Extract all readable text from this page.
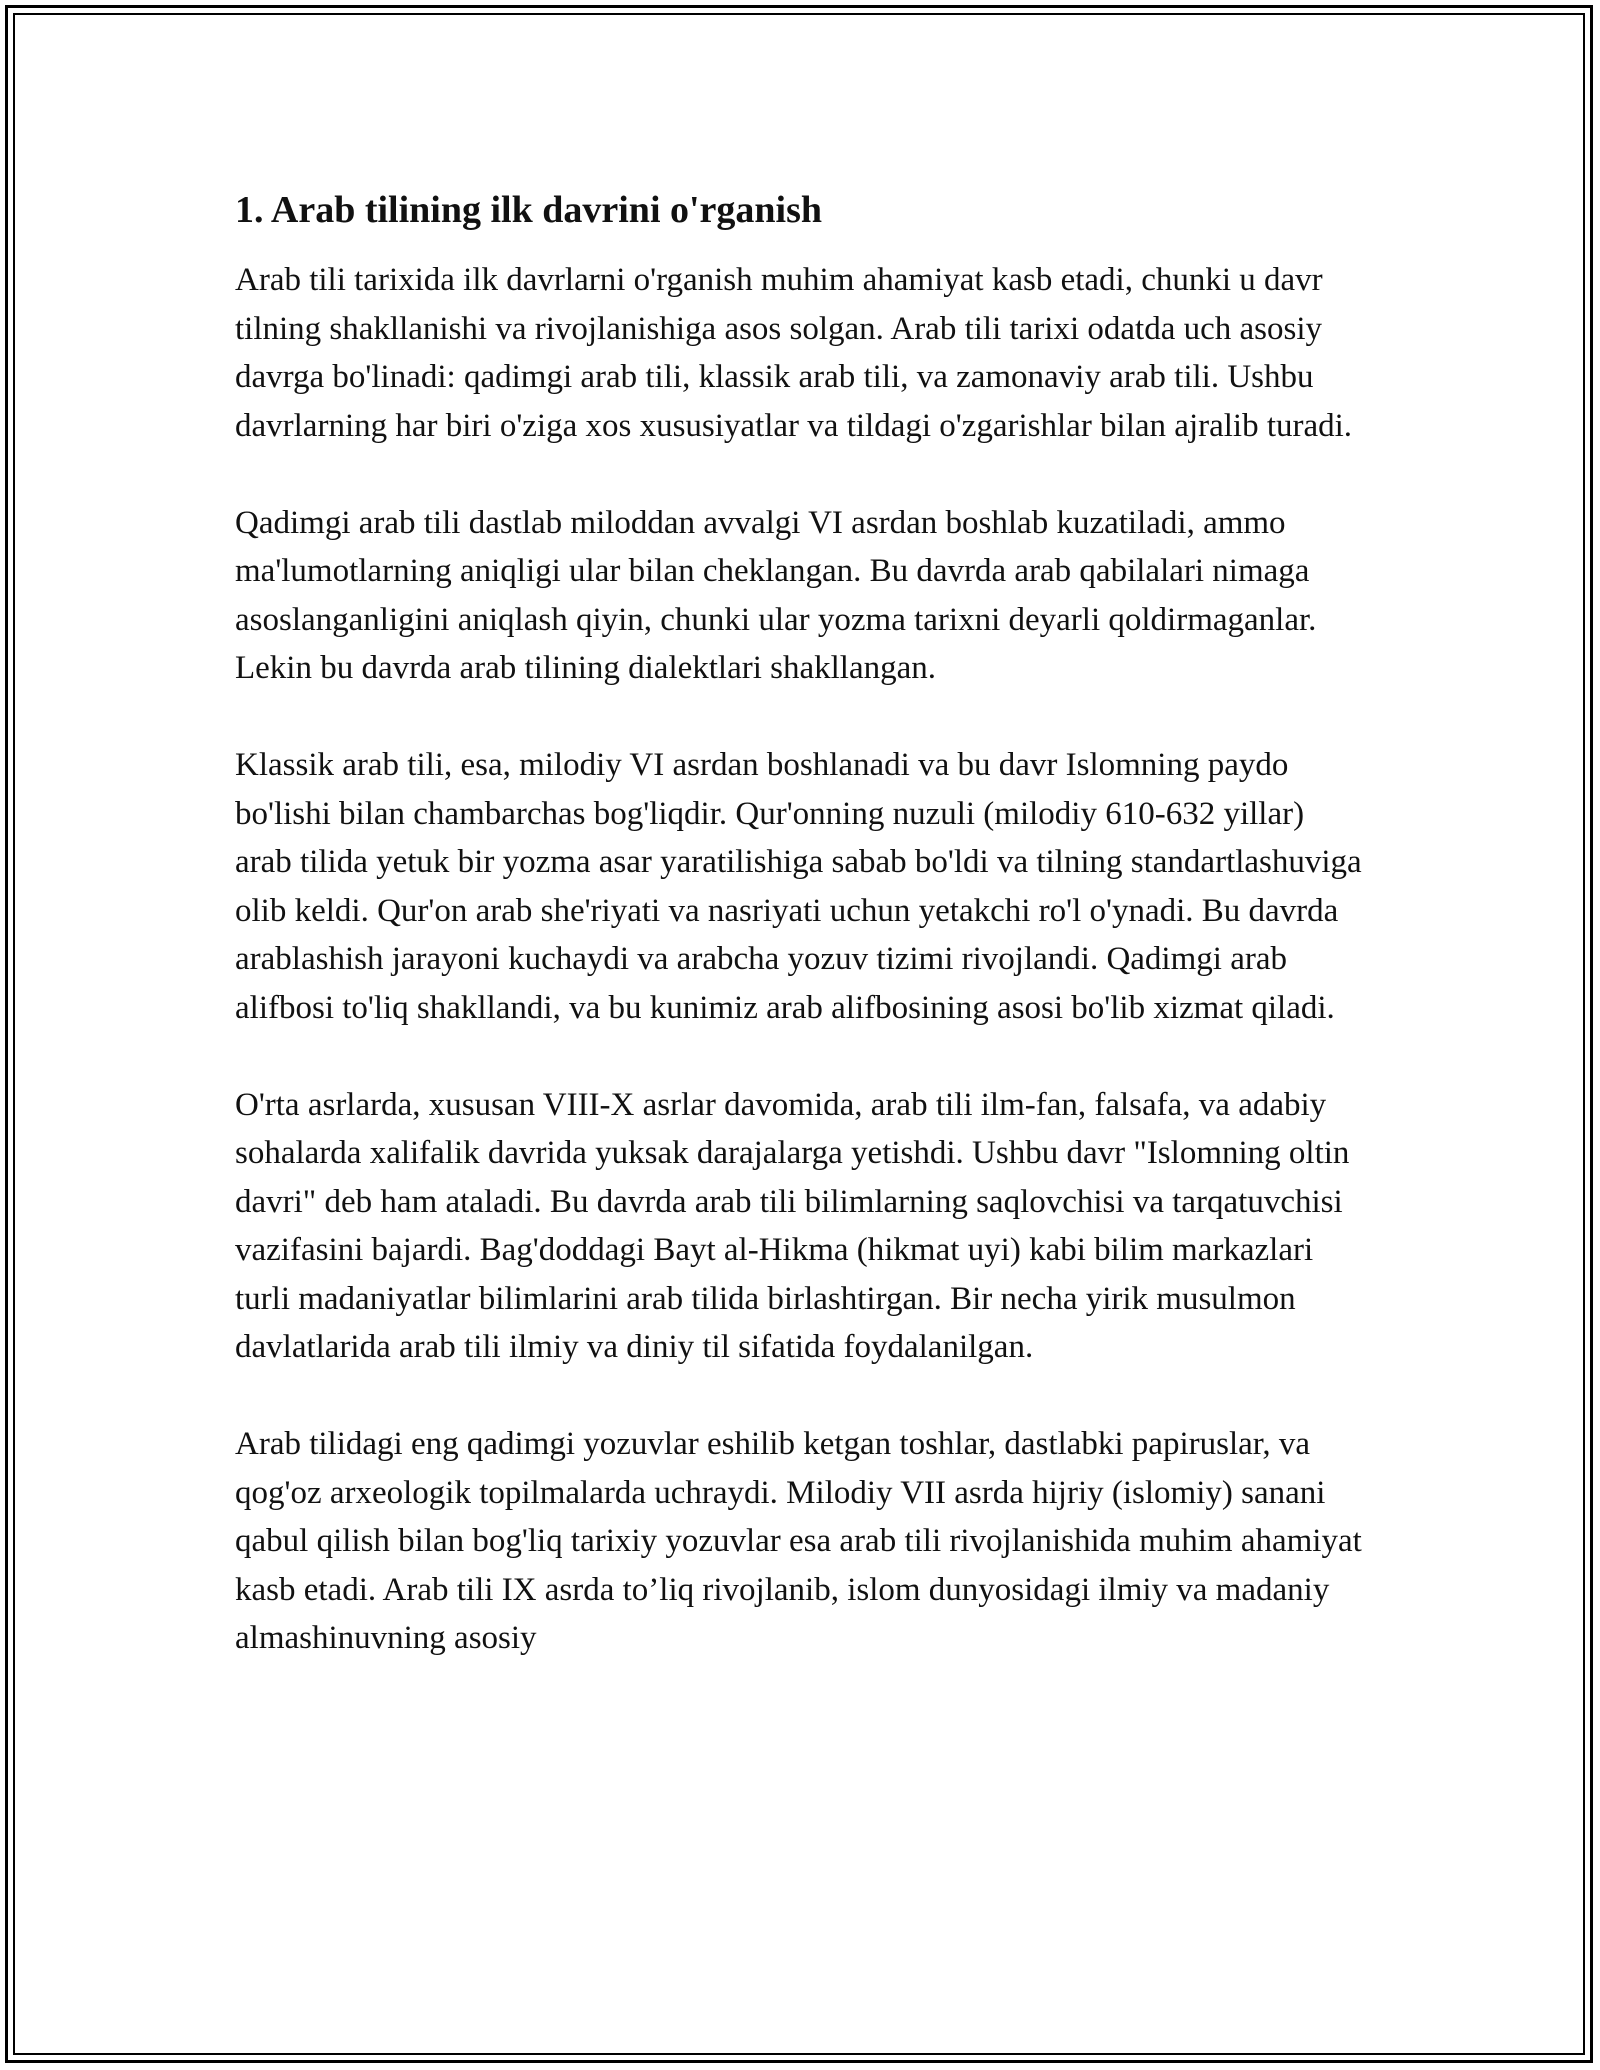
1. Arab tilining ilk davrini o'rganish

Arab tili tarixida ilk davrlarni o'rganish muhim ahamiyat kasb etadi, chunki u davr tilning shakllanishi va rivojlanishiga asos solgan. Arab tili tarixi odatda uch asosiy davrga bo'linadi: qadimgi arab tili, klassik arab tili, va zamonaviy arab tili. Ushbu davrlarning har biri o'ziga xos xususiyatlar va tildagi o'zgarishlar bilan ajralib turadi.

Qadimgi arab tili dastlab miloddan avvalgi VI asrdan boshlab kuzatiladi, ammo ma'lumotlarning aniqligi ular bilan cheklangan. Bu davrda arab qabilalari nimaga asoslanganligini aniqlash qiyin, chunki ular yozma tarixni deyarli qoldirmaganlar. Lekin bu davrda arab tilining dialektlari shakllangan.

Klassik arab tili, esa, milodiy VI asrdan boshlanadi va bu davr Islomning paydo bo'lishi bilan chambarchas bog'liqdir. Qur'onning nuzuli (milodiy 610-632 yillar) arab tilida yetuk bir yozma asar yaratilishiga sabab bo'ldi va tilning standartlashuviga olib keldi. Qur'on arab she'riyati va nasriyati uchun yetakchi ro'l o'ynadi. Bu davrda arablashish jarayoni kuchaydi va arabcha yozuv tizimi rivojlandi. Qadimgi arab alifbosi to'liq shakllandi, va bu kunimiz arab alifbosining asosi bo'lib xizmat qiladi.

O'rta asrlarda, xususan VIII-X asrlar davomida, arab tili ilm-fan, falsafa, va adabiy sohalarda xalifalik davrida yuksak darajalarga yetishdi. Ushbu davr "Islomning oltin davri" deb ham ataladi. Bu davrda arab tili bilimlarning saqlovchisi va tarqatuvchisi vazifasini bajardi. Bag'doddagi Bayt al-Hikma (hikmat uyi) kabi bilim markazlari turli madaniyatlar bilimlarini arab tilida birlashtirgan. Bir necha yirik musulmon davlatlarida arab tili ilmiy va diniy til sifatida foydalanilgan.

Arab tilidagi eng qadimgi yozuvlar eshilib ketgan toshlar, dastlabki papiruslar, va qog'oz arxeologik topilmalarda uchraydi. Milodiy VII asrda hijriy (islomiy) sanani qabul qilish bilan bog'liq tarixiy yozuvlar esa arab tili rivojlanishida muhim ahamiyat kasb etadi. Arab tili IX asrda to’liq rivojlanib, islom dunyosidagi ilmiy va madaniy almashinuvning asosiy
